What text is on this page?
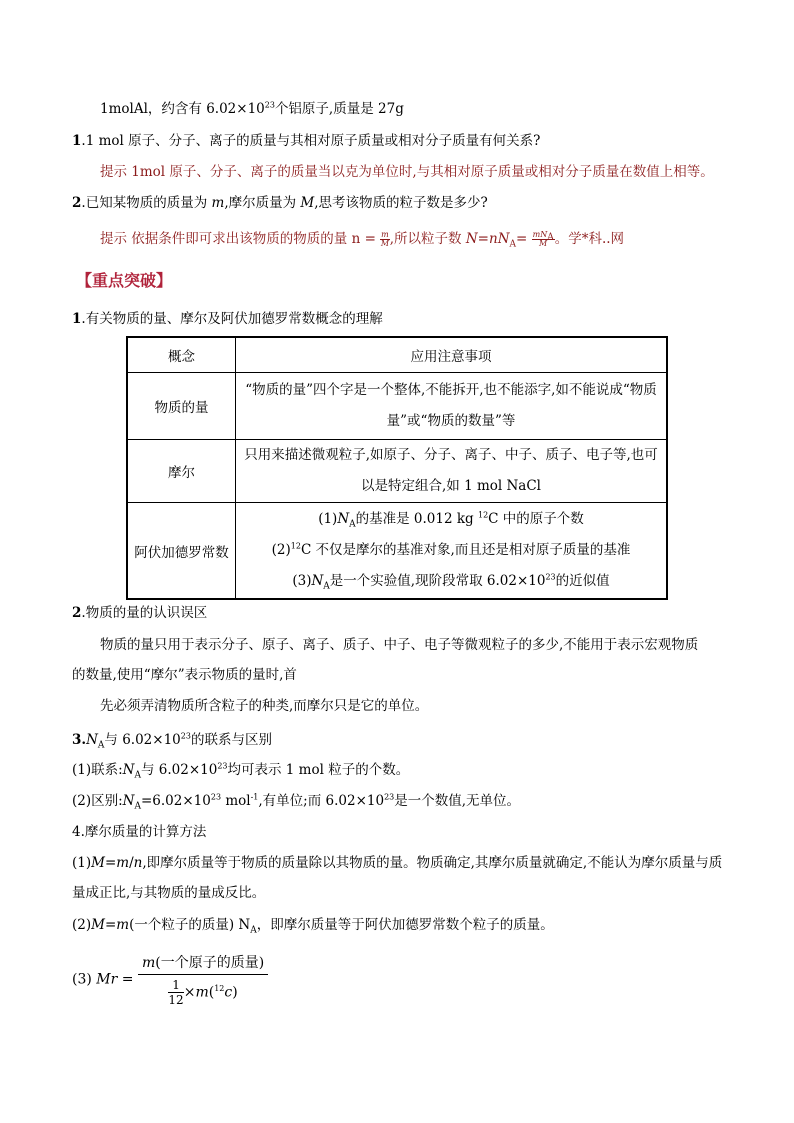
1molAl，约含有 $6.02\times 10^{23}$个铝原子,质量是 27g
1.1 mol 原子、分子、离子的质量与其相对原子质量或相对分子质量有何关系?
提示 1mol 原子、分子、离子的质量当以克为单位时,与其相对原子质量或相对分子质量在数值上相等。
2.已知某物质的质量为 m,摩尔质量为 M,思考该物质的粒子数是多少?
提示 依据条件即可求出该物质的物质的量 $n = \frac{m}{M}$ ,所以粒子数 $N=nN_A= \frac{mN_A}{M}$ 。学*科..网
【重点突破】
1.有关物质的量、摩尔及阿伏加德罗常数概念的理解
概念	应用注意事项
物质的量	“物质的量”四个字是一个整体,不能拆开,也不能添字,如不能说成“物质
量”或“物质的数量”等

摩尔	只用来描述微观粒子,如原子、分子、离子、中子、质子、电子等,也可
以是特定组合,如 1 mol NaCl

阿伏加德罗常数	$(1)N_A$的基准是 0.012 kg $^{12}$C 中的原子个数
$(2)^{12}C$ 不仅是摩尔的基准对象,而且还是相对原子质量的基准
$(3)N_A$是一个实验值,现阶段常取 $6.02\times 10^{23}$的近似值
2.物质的量的认识误区
物质的量只用于表示分子、原子、离子、质子、中子、电子等微观粒子的多少,不能用于表示宏观物质
的数量,使用“摩尔”表示物质的量时,首
先必须弄清物质所含粒子的种类,而摩尔只是它的单位。
$3.N_A$与 $6.02\times 10^{23}$的联系与区别
(1)联系$:N_A$与 $6.02\times 10^{23}$均可表示 1 mol 粒子的个数。
(2)区别$:N_A=6.02\times 10^{23}$ mol$^{-1}$,有单位;而 $6.02\times 10^{23}$是一个数值,无单位。
4.摩尔质量的计算方法
(1)M=m/n,即摩尔质量等于物质的质量除以其物质的量。物质确定,其摩尔质量就确定,不能认为摩尔质量与质
量成正比,与其物质的量成反比。
(2)M=m(一个粒子的质量) $N_A$，即摩尔质量等于阿伏加德罗常数个粒子的质量。
(3) Mr =
m(一个原子的质量)
$\frac{1}{12} \times m(^{12}c)$
